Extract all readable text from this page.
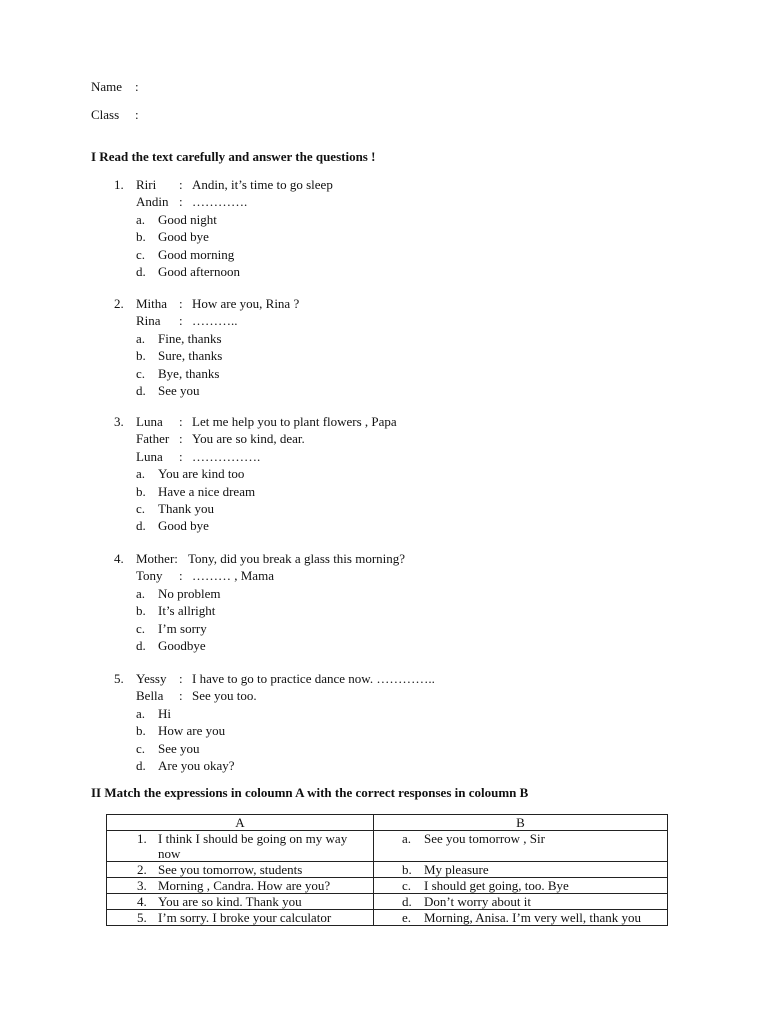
Name :
Class :
I Read the text carefully and answer the questions !
1. Riri : Andin, it’s time to go sleep
Andin : ………….
a. Good night
b. Good bye
c. Good morning
d. Good afternoon
2. Mitha : How are you, Rina ?
Rina : ………..
a. Fine, thanks
b. Sure, thanks
c. Bye, thanks
d. See you
3. Luna : Let me help you to plant flowers , Papa
Father : You are so kind, dear.
Luna : …………….
a. You are kind too
b. Have a nice dream
c. Thank you
d. Good bye
4. Mother: Tony, did you break a glass this morning?
Tony : ……… , Mama
a. No problem
b. It’s allright
c. I’m sorry
d. Goodbye
5. Yessy : I have to go to practice dance now. …………..
Bella : See you too.
a. Hi
b. How are you
c. See you
d. Are you okay?
II Match the expressions in coloumn A with the correct responses in coloumn B
A	B

1. I think I should be going on my way now	a. See you tomorrow , Sir

2. See you tomorrow, students	b. My pleasure

3. Morning , Candra. How are you?	c. I should get going, too. Bye

4. You are so kind. Thank you	d. Don’t worry about it

5. I’m sorry. I broke your calculator	e. Morning, Anisa. I’m very well, thank you
